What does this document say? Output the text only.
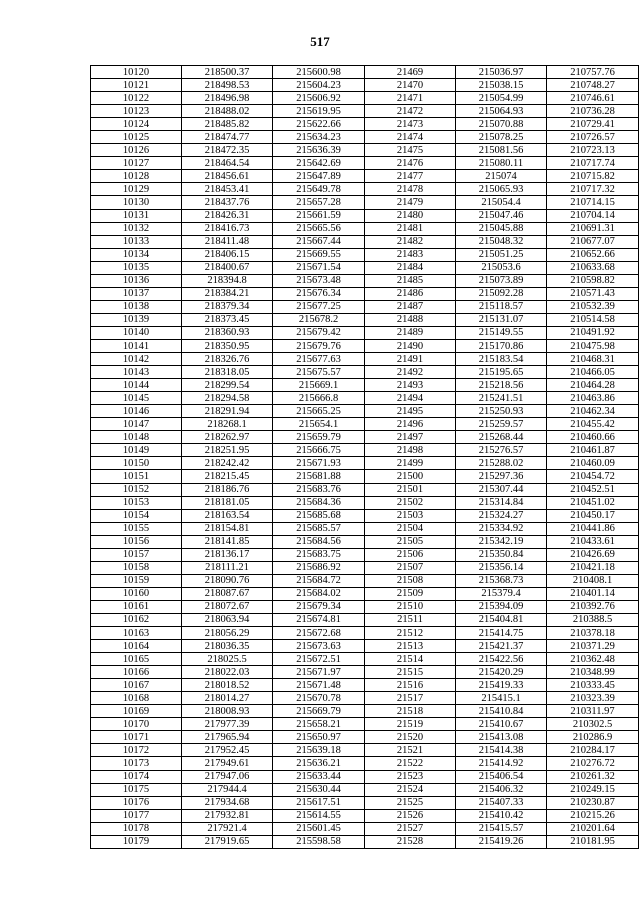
517
10120	218500.37	215600.98	21469	215036.97	210757.76
10121	218498.53	215604.23	21470	215038.15	210748.27
10122	218496.98	215606.92	21471	215054.99	210746.61
10123	218488.02	215619.95	21472	215064.93	210736.28
10124	218485.82	215622.66	21473	215070.88	210729.41
10125	218474.77	215634.23	21474	215078.25	210726.57
10126	218472.35	215636.39	21475	215081.56	210723.13
10127	218464.54	215642.69	21476	215080.11	210717.74
10128	218456.61	215647.89	21477	215074	210715.82
10129	218453.41	215649.78	21478	215065.93	210717.32
10130	218437.76	215657.28	21479	215054.4	210714.15
10131	218426.31	215661.59	21480	215047.46	210704.14
10132	218416.73	215665.56	21481	215045.88	210691.31
10133	218411.48	215667.44	21482	215048.32	210677.07
10134	218406.15	215669.55	21483	215051.25	210652.66
10135	218400.67	215671.54	21484	215053.6	210633.68
10136	218394.8	215673.48	21485	215073.89	210598.82
10137	218384.21	215676.34	21486	215092.28	210571.43
10138	218379.34	215677.25	21487	215118.57	210532.39
10139	218373.45	215678.2	21488	215131.07	210514.58
10140	218360.93	215679.42	21489	215149.55	210491.92
10141	218350.95	215679.76	21490	215170.86	210475.98
10142	218326.76	215677.63	21491	215183.54	210468.31
10143	218318.05	215675.57	21492	215195.65	210466.05
10144	218299.54	215669.1	21493	215218.56	210464.28
10145	218294.58	215666.8	21494	215241.51	210463.86
10146	218291.94	215665.25	21495	215250.93	210462.34
10147	218268.1	215654.1	21496	215259.57	210455.42
10148	218262.97	215659.79	21497	215268.44	210460.66
10149	218251.95	215666.75	21498	215276.57	210461.87
10150	218242.42	215671.93	21499	215288.02	210460.09
10151	218215.45	215681.88	21500	215297.36	210454.72
10152	218186.76	215683.76	21501	215307.44	210452.51
10153	218181.05	215684.36	21502	215314.84	210451.02
10154	218163.54	215685.68	21503	215324.27	210450.17
10155	218154.81	215685.57	21504	215334.92	210441.86
10156	218141.85	215684.56	21505	215342.19	210433.61
10157	218136.17	215683.75	21506	215350.84	210426.69
10158	218111.21	215686.92	21507	215356.14	210421.18
10159	218090.76	215684.72	21508	215368.73	210408.1
10160	218087.67	215684.02	21509	215379.4	210401.14
10161	218072.67	215679.34	21510	215394.09	210392.76
10162	218063.94	215674.81	21511	215404.81	210388.5
10163	218056.29	215672.68	21512	215414.75	210378.18
10164	218036.35	215673.63	21513	215421.37	210371.29
10165	218025.5	215672.51	21514	215422.56	210362.48
10166	218022.03	215671.97	21515	215420.29	210348.99
10167	218018.52	215671.48	21516	215419.33	210333.45
10168	218014.27	215670.78	21517	215415.1	210323.39
10169	218008.93	215669.79	21518	215410.84	210311.97
10170	217977.39	215658.21	21519	215410.67	210302.5
10171	217965.94	215650.97	21520	215413.08	210286.9
10172	217952.45	215639.18	21521	215414.38	210284.17
10173	217949.61	215636.21	21522	215414.92	210276.72
10174	217947.06	215633.44	21523	215406.54	210261.32
10175	217944.4	215630.44	21524	215406.32	210249.15
10176	217934.68	215617.51	21525	215407.33	210230.87
10177	217932.81	215614.55	21526	215410.42	210215.26
10178	217921.4	215601.45	21527	215415.57	210201.64
10179	217919.65	215598.58	21528	215419.26	210181.95
